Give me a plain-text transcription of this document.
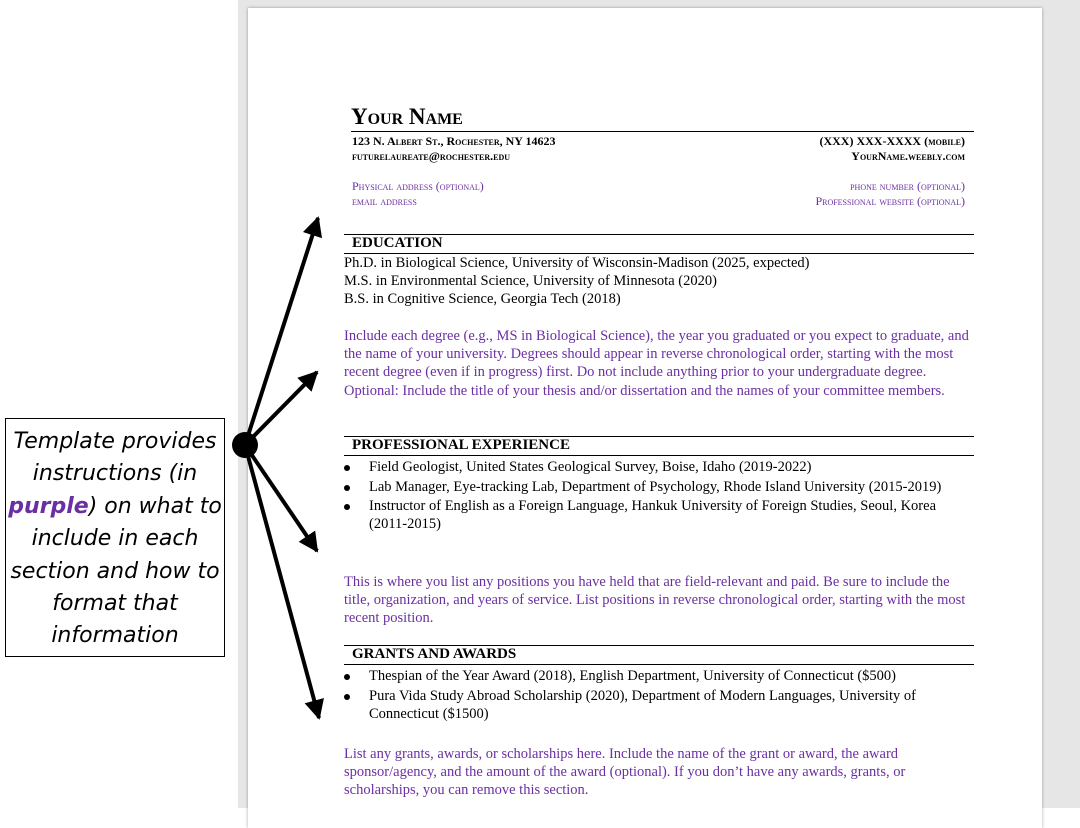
Your Name
123 N. Albert St., Rochester, NY 14623
futurelaureate@rochester.edu
(XXX) XXX-XXXX (mobile)
YourName.weebly.com
Physical address (optional)
email address
phone number (optional)
Professional website (optional)
EDUCATION
Ph.D. in Biological Science, University of Wisconsin-Madison (2025, expected)
M.S. in Environmental Science, University of Minnesota (2020)
B.S. in Cognitive Science, Georgia Tech (2018)
Include each degree (e.g., MS in Biological Science), the year you graduated or you expect to graduate, and the name of your university. Degrees should appear in reverse chronological order, starting with the most recent degree (even if in progress) first. Do not include anything prior to your undergraduate degree. Optional: Include the title of your thesis and/or dissertation and the names of your committee members.
PROFESSIONAL EXPERIENCE
Field Geologist, United States Geological Survey, Boise, Idaho (2019-2022)
Lab Manager, Eye-tracking Lab, Department of Psychology, Rhode Island University (2015-2019)
Instructor of English as a Foreign Language, Hankuk University of Foreign Studies, Seoul, Korea (2011-2015)
This is where you list any positions you have held that are field-relevant and paid. Be sure to include the title, organization, and years of service. List positions in reverse chronological order, starting with the most recent position.
GRANTS AND AWARDS
Thespian of the Year Award (2018), English Department, University of Connecticut ($500)
Pura Vida Study Abroad Scholarship (2020), Department of Modern Languages, University of Connecticut ($1500)
List any grants, awards, or scholarships here. Include the name of the grant or award, the award sponsor/agency, and the amount of the award (optional). If you don’t have any awards, grants, or scholarships, you can remove this section.
Template provides instructions (in purple) on what to include in each section and how to format that information
